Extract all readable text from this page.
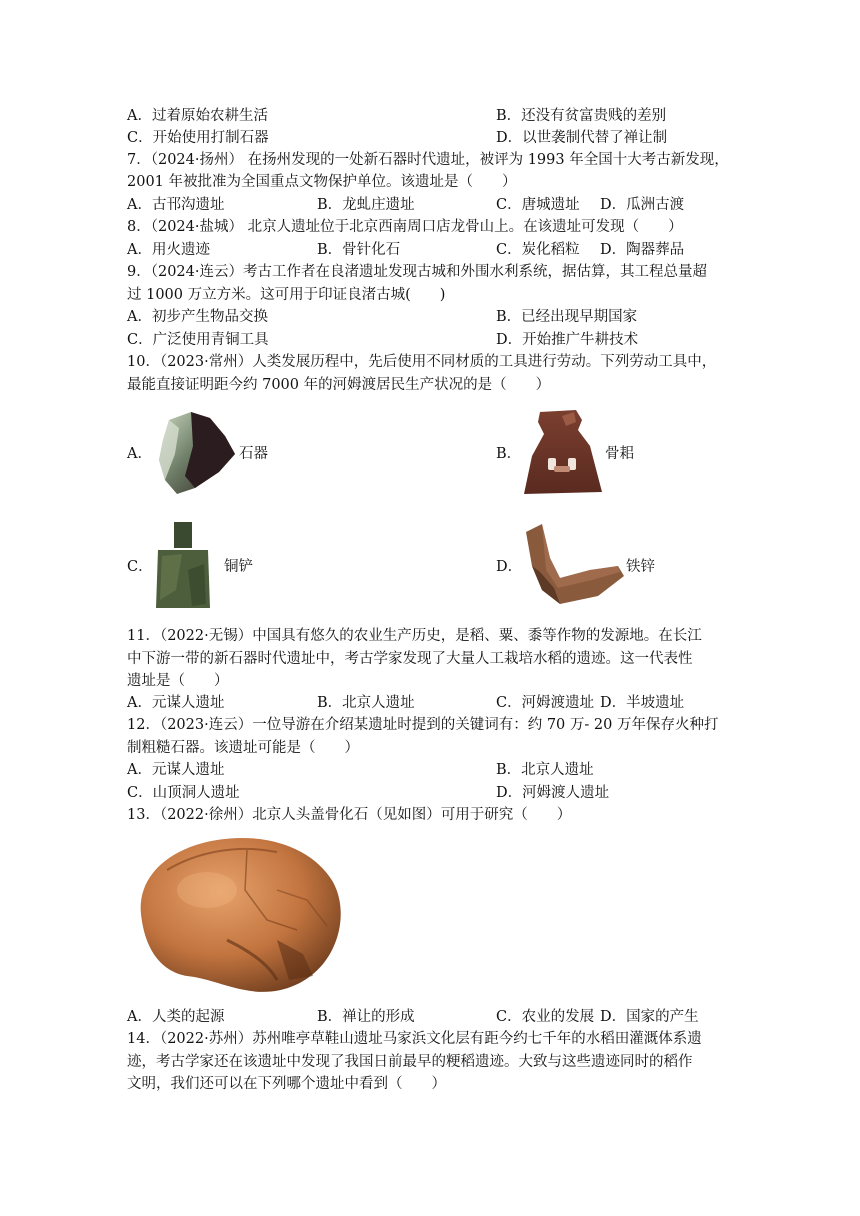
A．过着原始农耕生活	B．还没有贫富贵贱的差别
C．开始使用打制石器	D．以世袭制代替了禅让制
7．（2024·扬州） 在扬州发现的一处新石器时代遗址，被评为 1993 年全国十大考古新发现，
2001 年被批准为全国重点文物保护单位。该遗址是（　　）
A．古邗沟遗址	B．龙虬庄遗址	C．唐城遗址 D．瓜洲古渡
8．（2024·盐城） 北京人遗址位于北京西南周口店龙骨山上。在该遗址可发现（　　）
A．用火遗迹	B．骨针化石	C．炭化稻粒 D．陶器葬品
9．（2024·连云）考古工作者在良渚遗址发现古城和外围水利系统，据估算，其工程总量超
过 1000 万立方米。这可用于印证良渚古城(　　)
A．初步产生物品交换	B．已经出现早期国家
C．广泛使用青铜工具	D．开始推广牛耕技术
10．（2023·常州）人类发展历程中，先后使用不同材质的工具进行劳动。下列劳动工具中，
最能直接证明距今约 7000 年的河姆渡居民生产状况的是（　　）
A．	石器	B．	骨耜
C．	铜铲	D．	铁锌
11．（2022·无锡）中国具有悠久的农业生产历史，是稻、粟、黍等作物的发源地。在长江
中下游一带的新石器时代遗址中，考古学家发现了大量人工栽培水稻的遗迹。这一代表性
遗址是（　　）
A．元谋人遗址	B．北京人遗址	C．河姆渡遗址 D．半坡遗址
12．（2023·连云）一位导游在介绍某遗址时提到的关键词有：约 70 万- 20 万年保存火种打
制粗糙石器。该遗址可能是（　　）
A．元谋人遗址	B．北京人遗址
C．山顶洞人遗址	D．河姆渡人遗址
13．（2022·徐州）北京人头盖骨化石（见如图）可用于研究（　　）
A．人类的起源	B．禅让的形成	C．农业的发展 D．国家的产生
14．（2022·苏州）苏州唯亭草鞋山遗址马家浜文化层有距今约七千年的水稻田灌溉体系遗
迹，考古学家还在该遗址中发现了我国日前最早的粳稻遗迹。大致与这些遗迹同时的稻作
文明，我们还可以在下列哪个遗址中看到（　　）
